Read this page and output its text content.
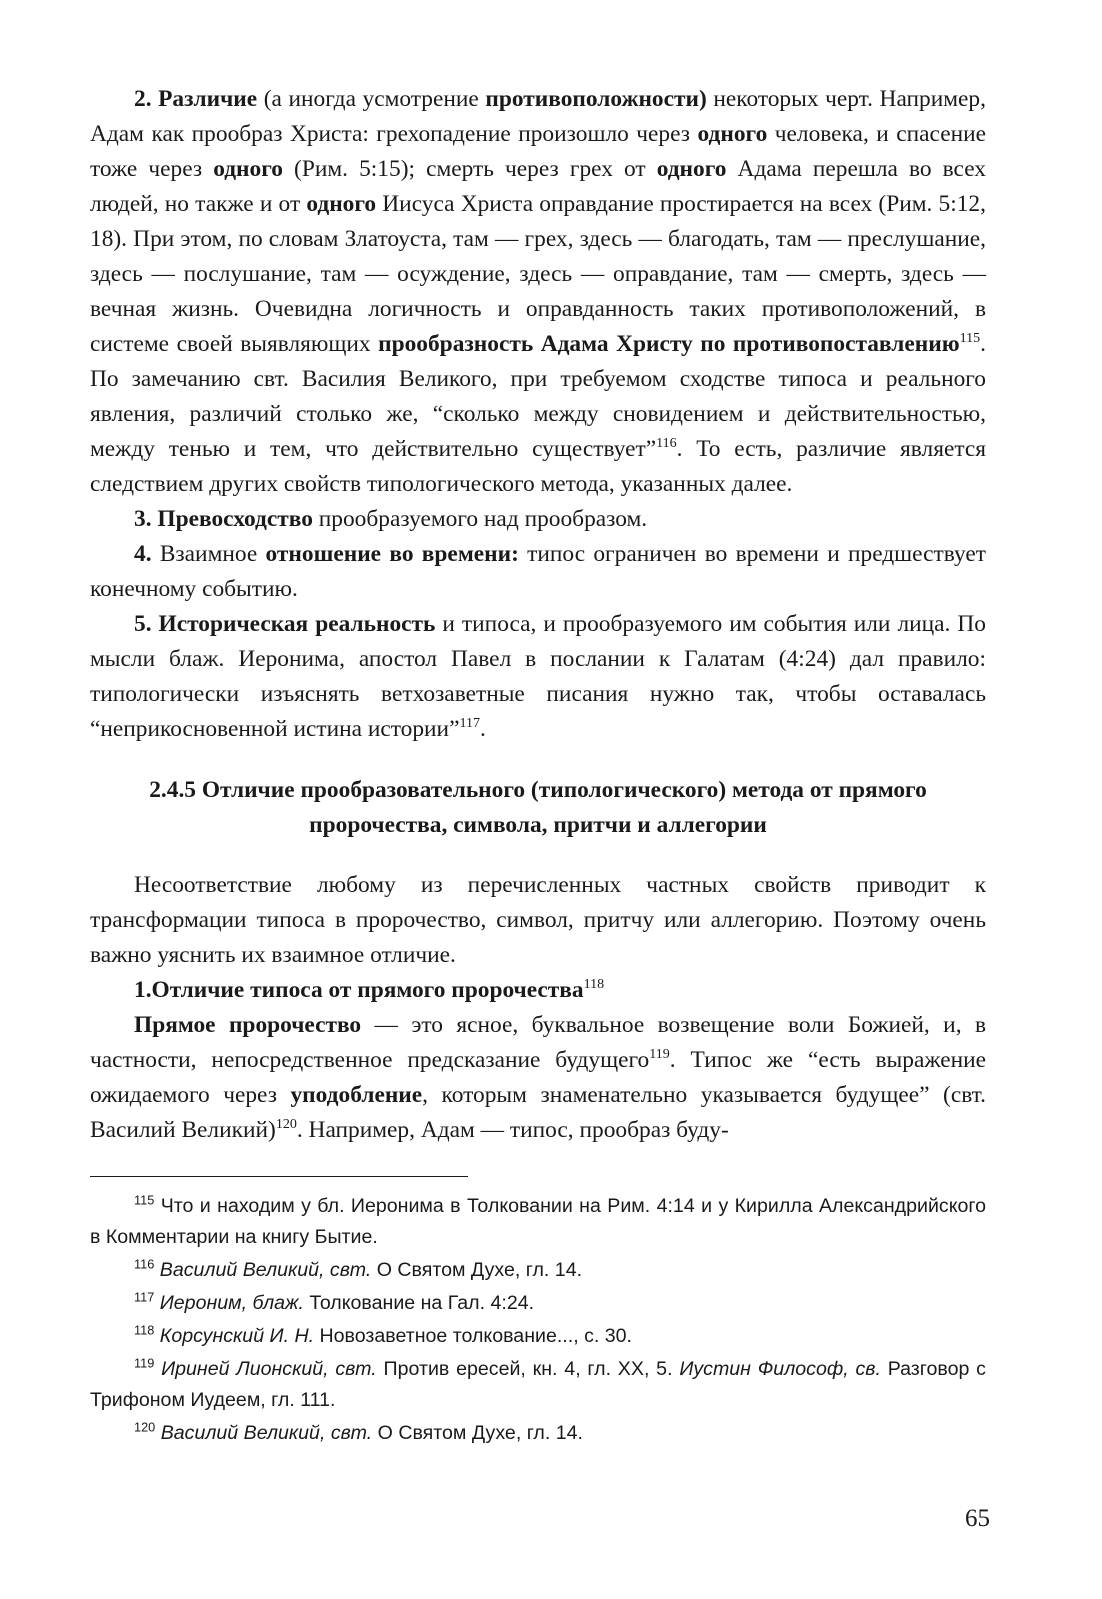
2. Различие (а иногда усмотрение противоположности) некоторых черт. Например, Адам как прообраз Христа: грехопадение произошло через одного человека, и спасение тоже через одного (Рим. 5:15); смерть через грех от одного Адама перешла во всех людей, но также и от одного Иисуса Христа оправдание простирается на всех (Рим. 5:12, 18). При этом, по словам Златоуста, там — грех, здесь — благодать, там — преслушание, здесь — послушание, там — осуждение, здесь — оправдание, там — смерть, здесь — вечная жизнь. Очевидна логичность и оправданность таких противоположений, в системе своей выявляющих прообразность Адама Христу по противопоставлению$^{115}$. По замечанию свт. Василия Великого, при требуемом сходстве типоса и реального явления, различий столько же, “сколько между сновидением и действительностью, между тенью и тем, что действительно существует”$^{116}$. То есть, различие является следствием других свойств типологического метода, указанных далее.

3. Превосходство прообразуемого над прообразом.

4. Взаимное отношение во времени: типос ограничен во времени и предшествует конечному событию.

5. Историческая реальность и типоса, и прообразуемого им события или лица. По мысли блаж. Иеронима, апостол Павел в послании к Галатам (4:24) дал правило: типологически изъяснять ветхозаветные писания нужно так, чтобы оставалась “неприкосновенной истина истории”$^{117}$.

2.4.5 Отличие прообразовательного (типологического) метода от прямого пророчества, символа, притчи и аллегории

Несоответствие любому из перечисленных частных свойств приводит к трансформации типоса в пророчество, символ, притчу или аллегорию. Поэтому очень важно уяснить их взаимное отличие.

1.Отличие типоса от прямого пророчества$^{118}$

Прямое пророчество — это ясное, буквальное возвещение воли Божией, и, в частности, непосредственное предсказание будущего$^{119}$. Типос же “есть выражение ожидаемого через уподобление, которым знаменательно указывается будущее” (свт. Василий Великий)$^{120}$. Например, Адам — типос, прообраз буду-

$^{115}$ Что и находим у бл. Иеронима в Толковании на Рим. 4:14 и у Кирилла Александрийского в Комментарии на книгу Бытие.

$^{116}$ Василий Великий, свт. О Святом Духе, гл. 14.

$^{117}$ Иероним, блаж. Толкование на Гал. 4:24.

$^{118}$ Корсунский И. Н. Новозаветное толкование..., с. 30.

$^{119}$ Ириней Лионский, свт. Против ересей, кн. 4, гл. XX, 5. Иустин Философ, св. Разговор с Трифоном Иудеем, гл. 111.

$^{120}$ Василий Великий, свт. О Святом Духе, гл. 14.

65
